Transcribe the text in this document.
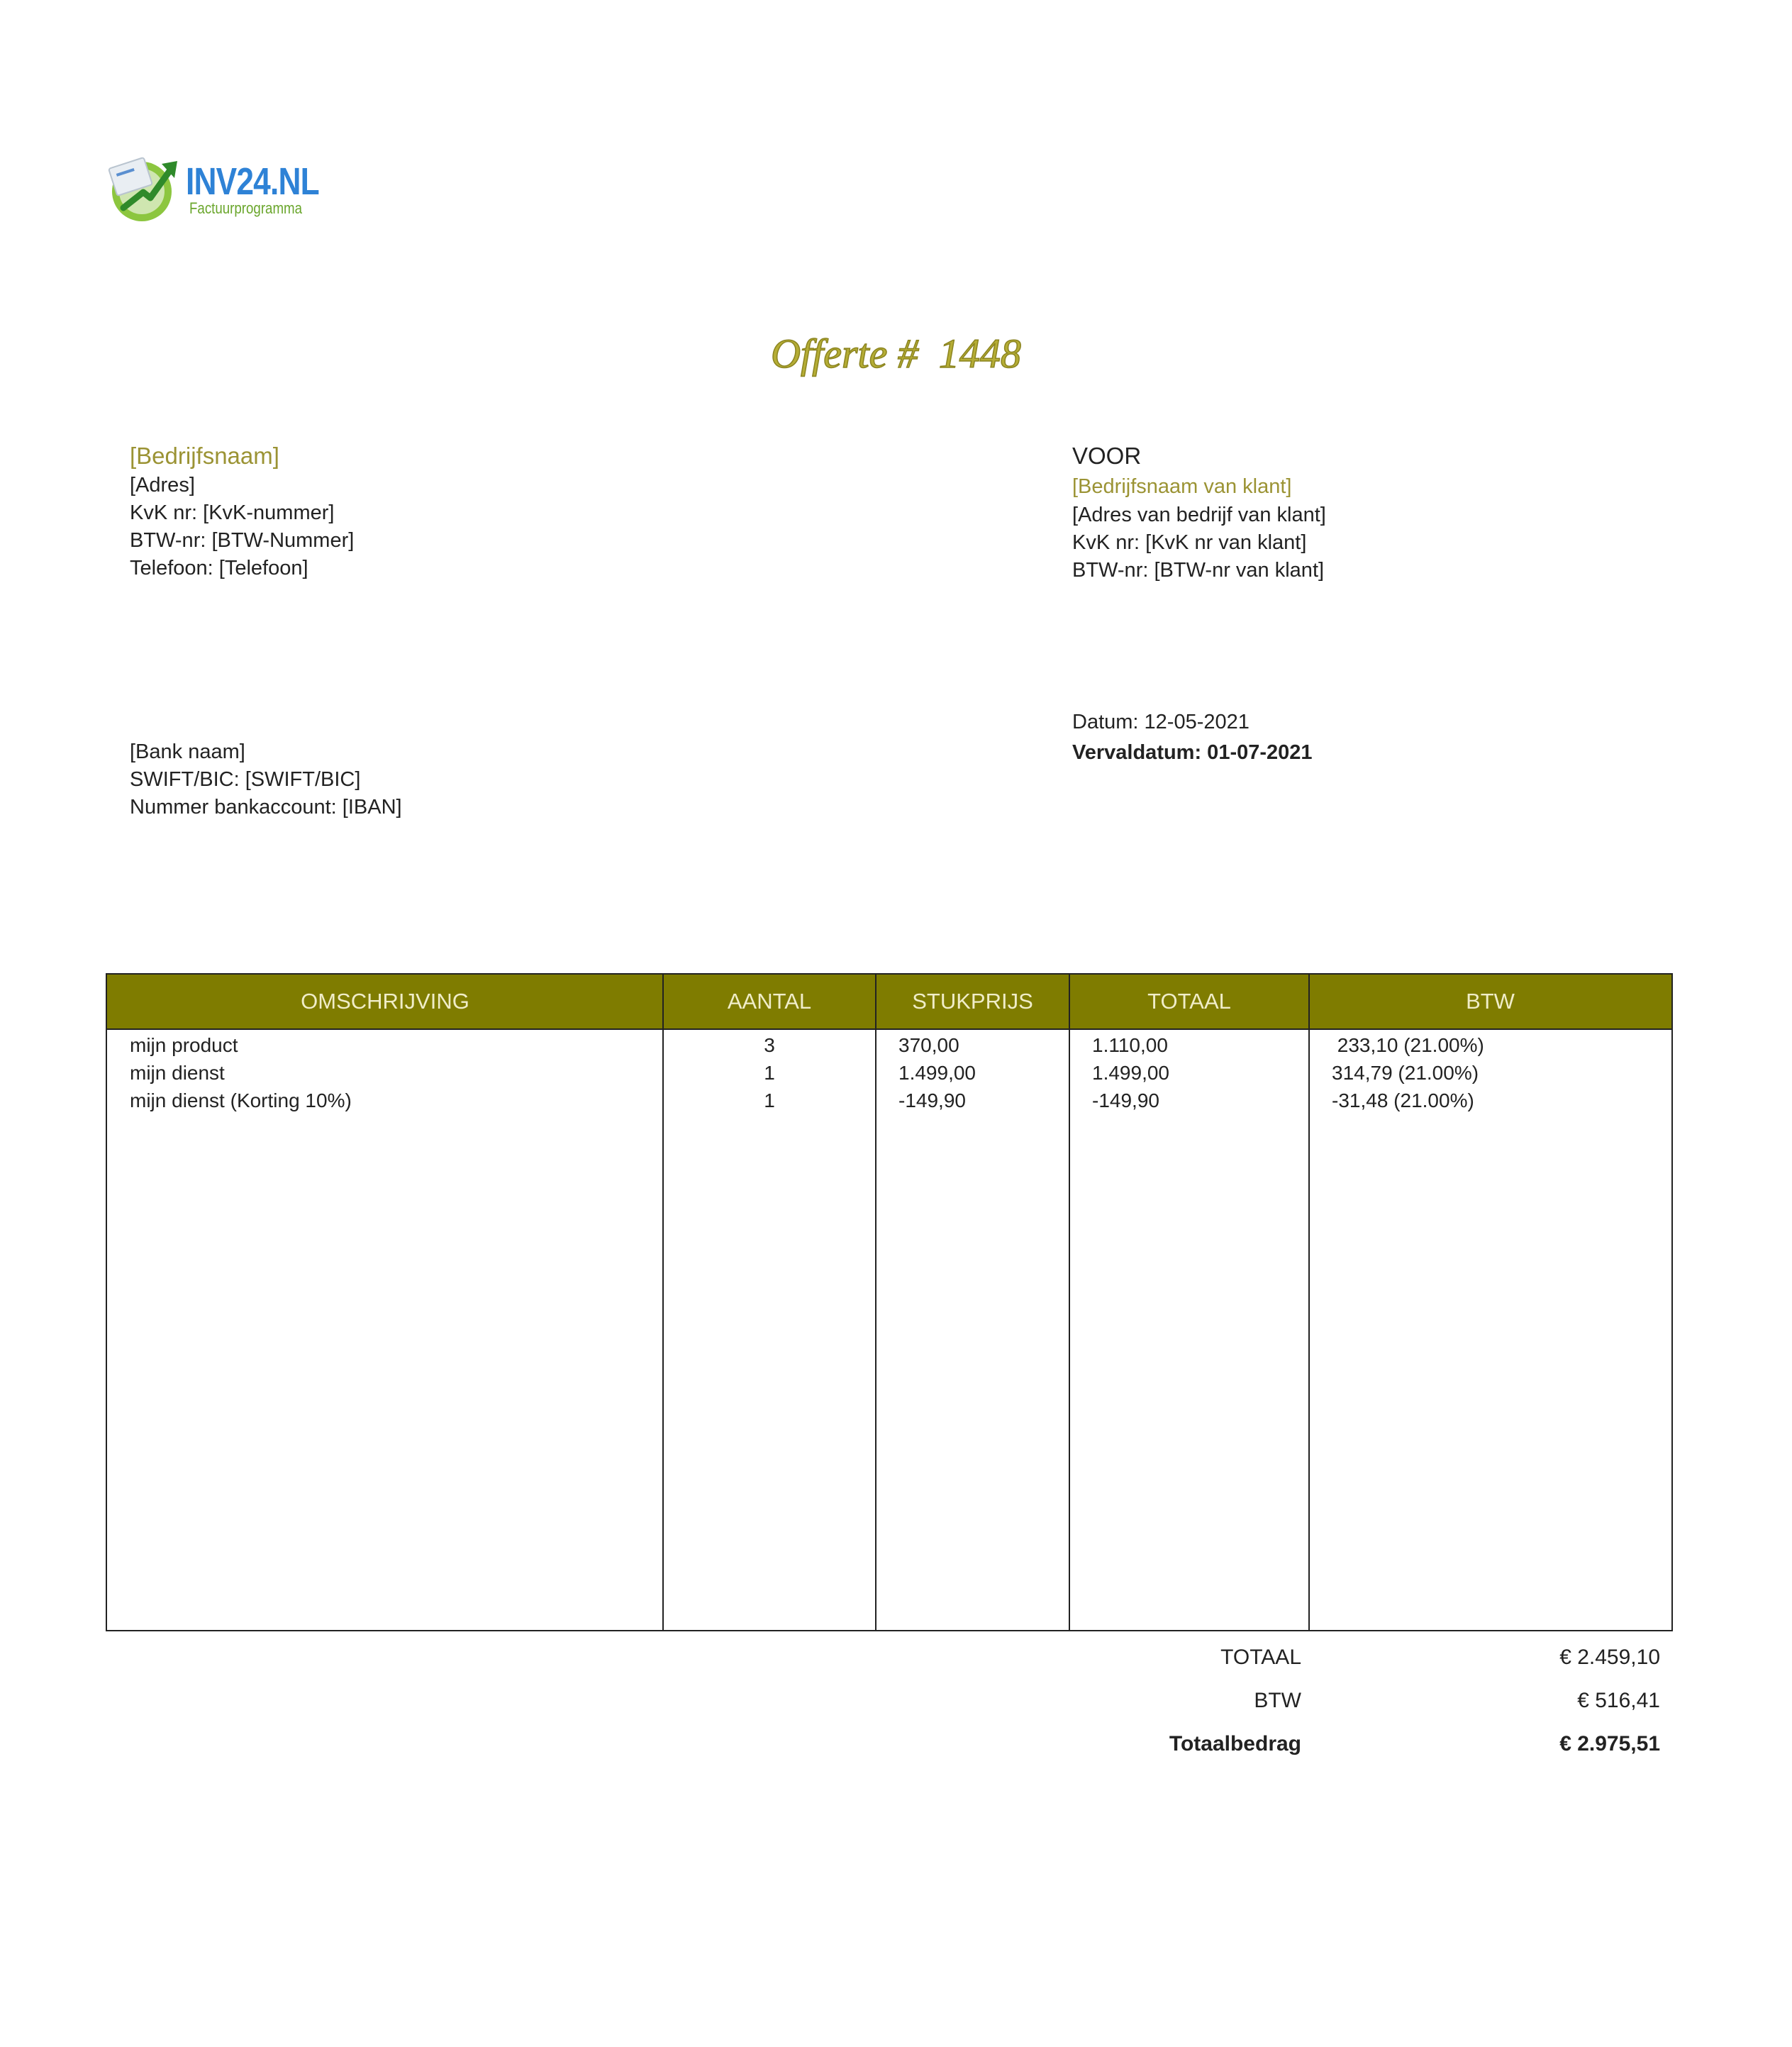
INV24.NL
Factuurprogramma
Offerte #  1448
[Bedrijfsnaam]
[Adres]
KvK nr: [KvK-nummer]
BTW-nr: [BTW-Nummer]
Telefoon: [Telefoon]
VOOR
[Bedrijfsnaam van klant]
[Adres van bedrijf van klant]
KvK nr: [KvK nr van klant]
BTW-nr: [BTW-nr van klant]
Datum: 12-05-2021
Vervaldatum: 01-07-2021
[Bank naam]
SWIFT/BIC: [SWIFT/BIC]
Nummer bankaccount: [IBAN]
OMSCHRIJVING	AANTAL	STUKPRIJS	TOTAAL	BTW
mijn product	3	370,00	1.110,00	233,10 (21.00%)
mijn dienst	1	1.499,00	1.499,00	314,79 (21.00%)
mijn dienst (Korting 10%)	1	-149,90	-149,90	-31,48 (21.00%)
TOTAAL	€ 2.459,10
BTW	€ 516,41
Totaalbedrag	€ 2.975,51
